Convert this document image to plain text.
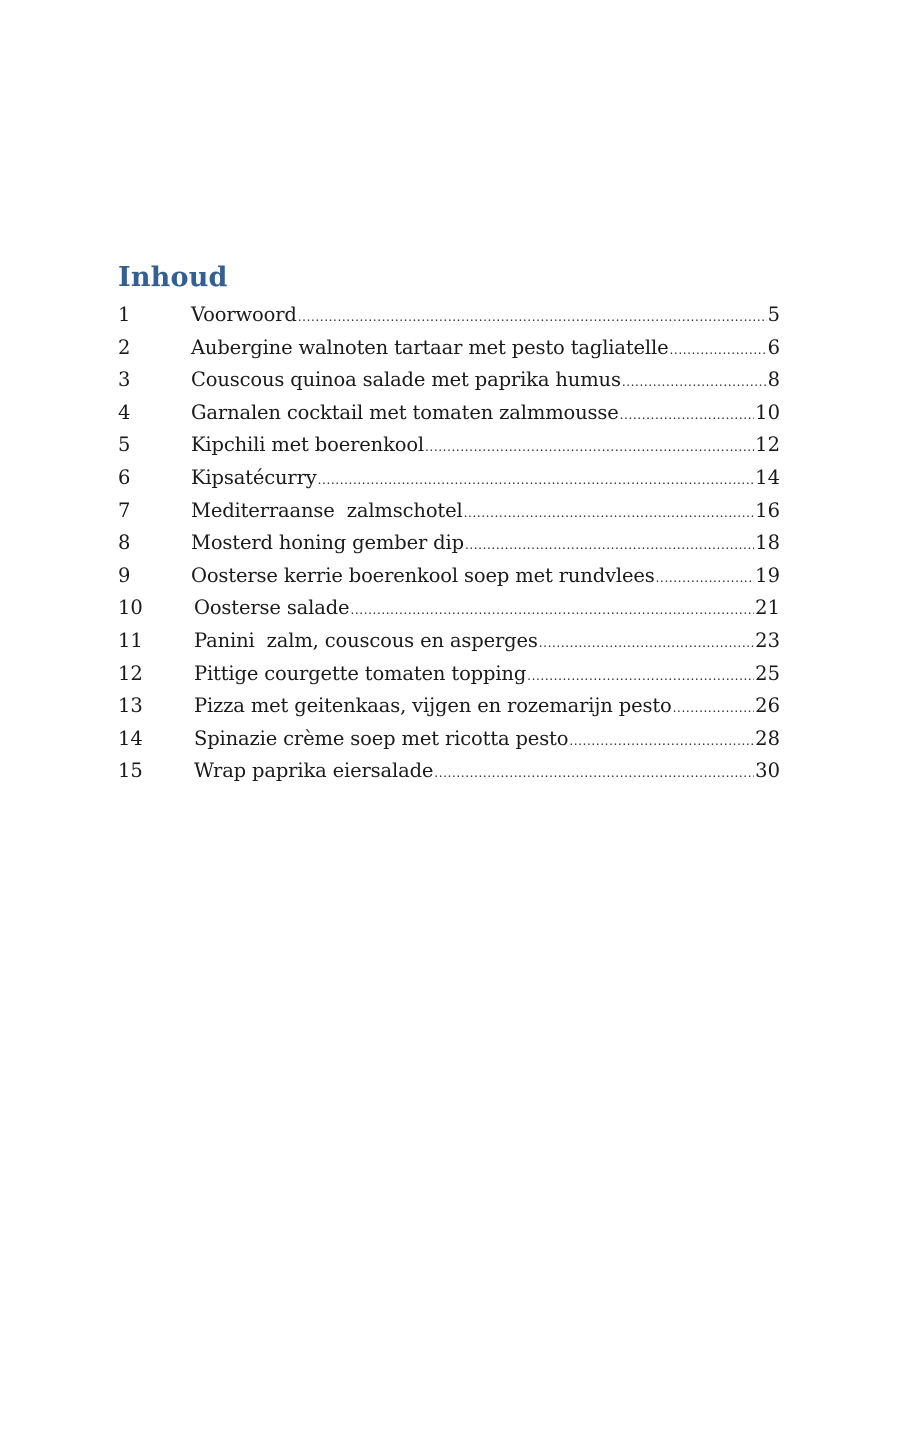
Inhoud
1	Voorwoord .....	5
2	Aubergine walnoten tartaar met pesto tagliatelle .....	6
3	Couscous quinoa salade met paprika humus .....	8
4	Garnalen cocktail met tomaten zalmmousse .....	10
5	Kipchili met boerenkool .....	12
6	Kipsatécurry .....	14
7	Mediterraanse  zalmschotel .....	16
8	Mosterd honing gember dip .....	18
9	Oosterse kerrie boerenkool soep met rundvlees .....	19
10	Oosterse salade .....	21
11	Panini  zalm, couscous en asperges .....	23
12	Pittige courgette tomaten topping .....	25
13	Pizza met geitenkaas, vijgen en rozemarijn pesto .....	26
14	Spinazie crème soep met ricotta pesto .....	28
15	Wrap paprika eiersalade .....	30
